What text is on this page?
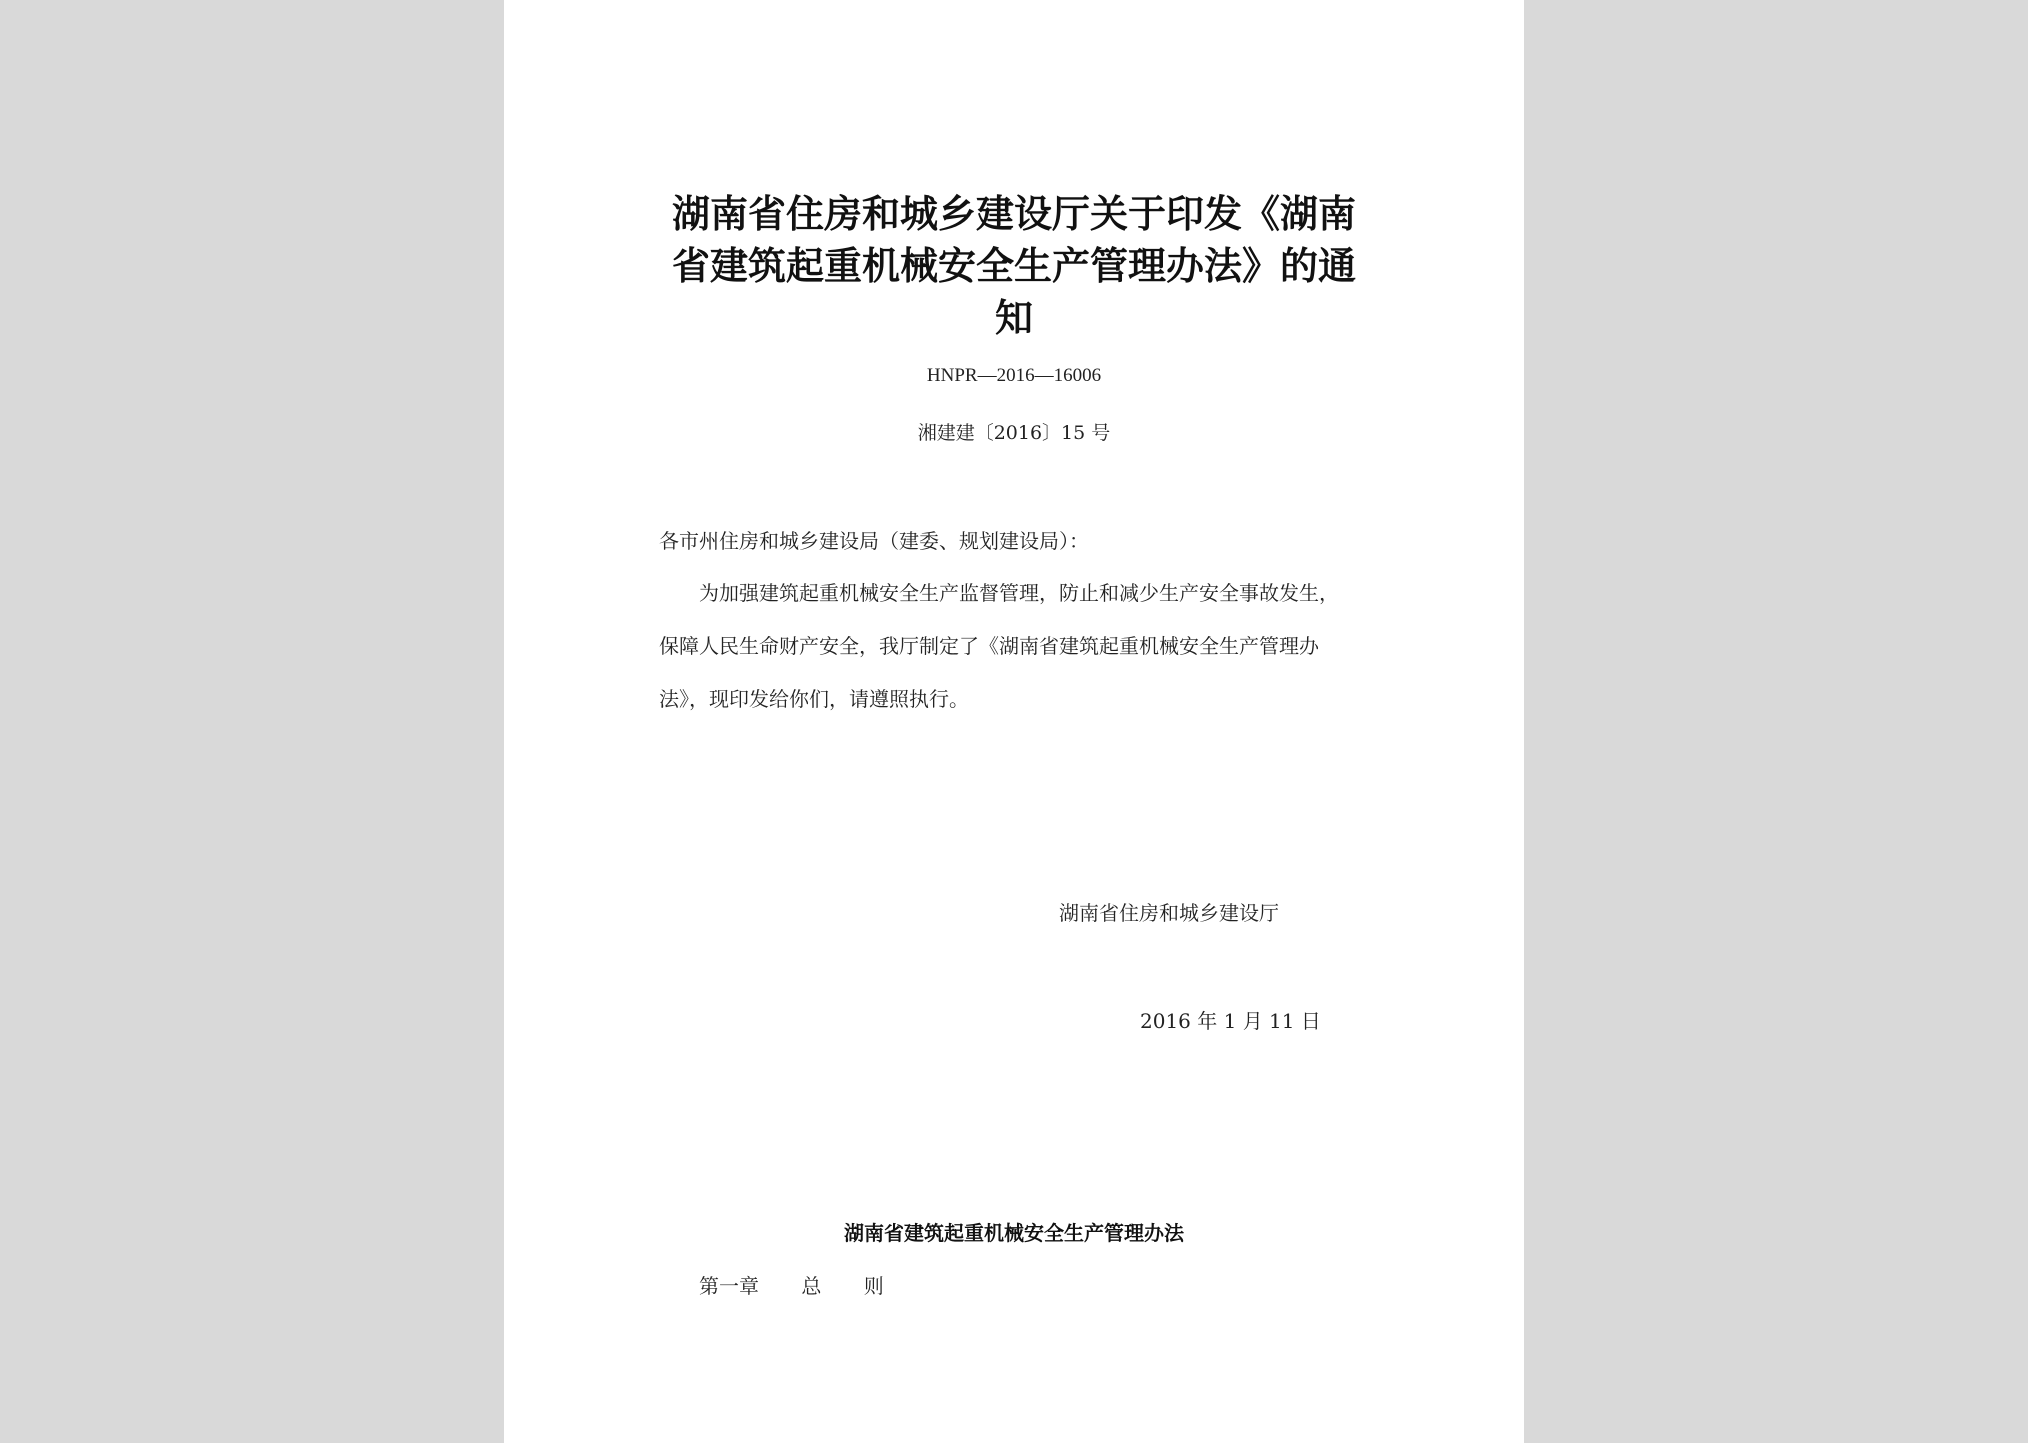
湖南省住房和城乡建设厅关于印发《湖南省建筑起重机械安全生产管理办法》的通知
HNPR—2016—16006
湘建建〔2016〕15 号
各市州住房和城乡建设局（建委、规划建设局）：
为加强建筑起重机械安全生产监督管理，防止和减少生产安全事故发生，
保障人民生命财产安全，我厅制定了《湖南省建筑起重机械安全生产管理办
法》，现印发给你们，请遵照执行。
湖南省住房和城乡建设厅
2016 年 1 月 11 日
湖南省建筑起重机械安全生产管理办法
第一章 总 则
